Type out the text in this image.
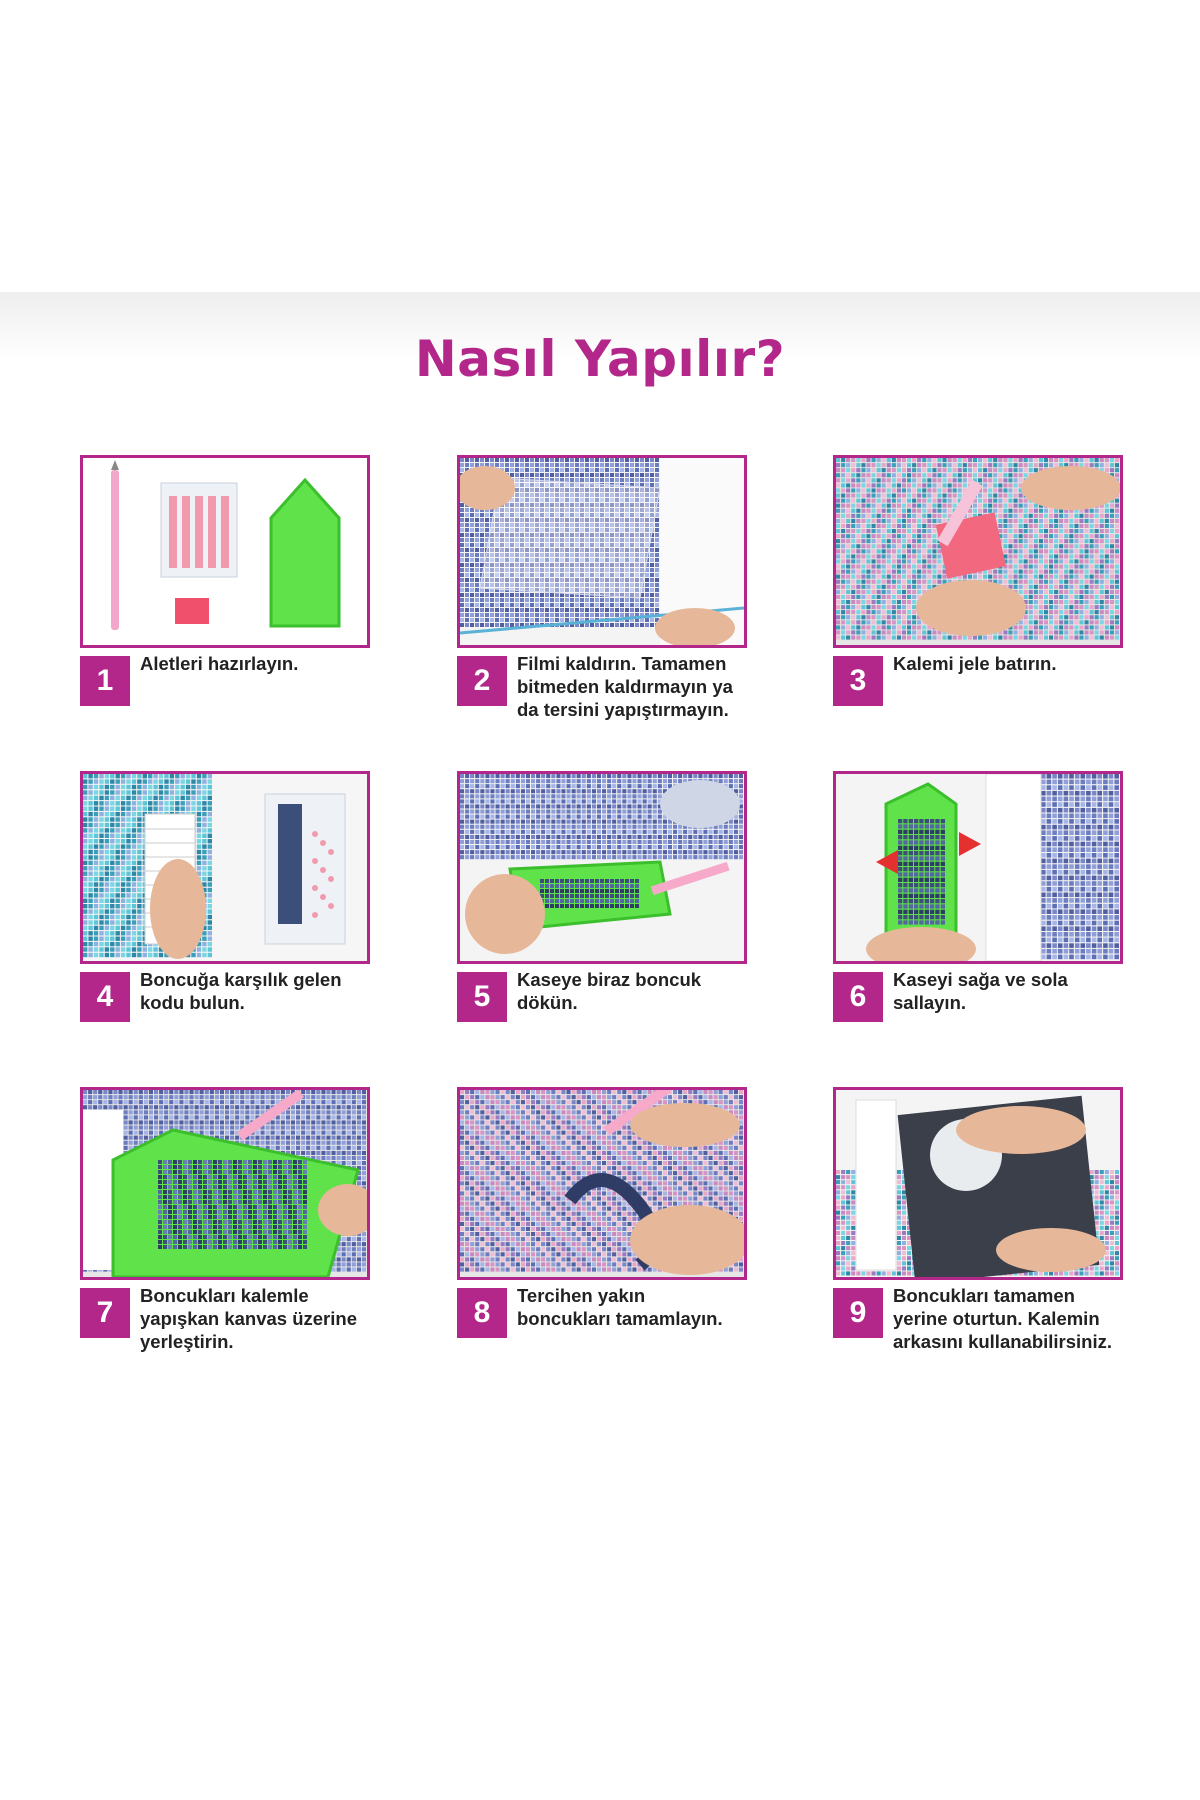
Nasıl Yapılır?
1
Aletleri hazırlayın.
2
Filmi kaldırın. Tamamen
bitmeden kaldırmayın ya
da tersini yapıştırmayın.
3
Kalemi jele batırın.
4
Boncuğa karşılık gelen
kodu bulun.	5
Kaseye biraz boncuk
dökün.	6
Kaseyi sağa ve sola
sallayın.
7
Boncukları kalemle
yapışkan kanvas üzerine
yerleştirin.
8
Tercihen yakın
boncukları tamamlayın.	9
Boncukları tamamen
yerine oturtun. Kalemin
arkasını kullanabilirsiniz.
